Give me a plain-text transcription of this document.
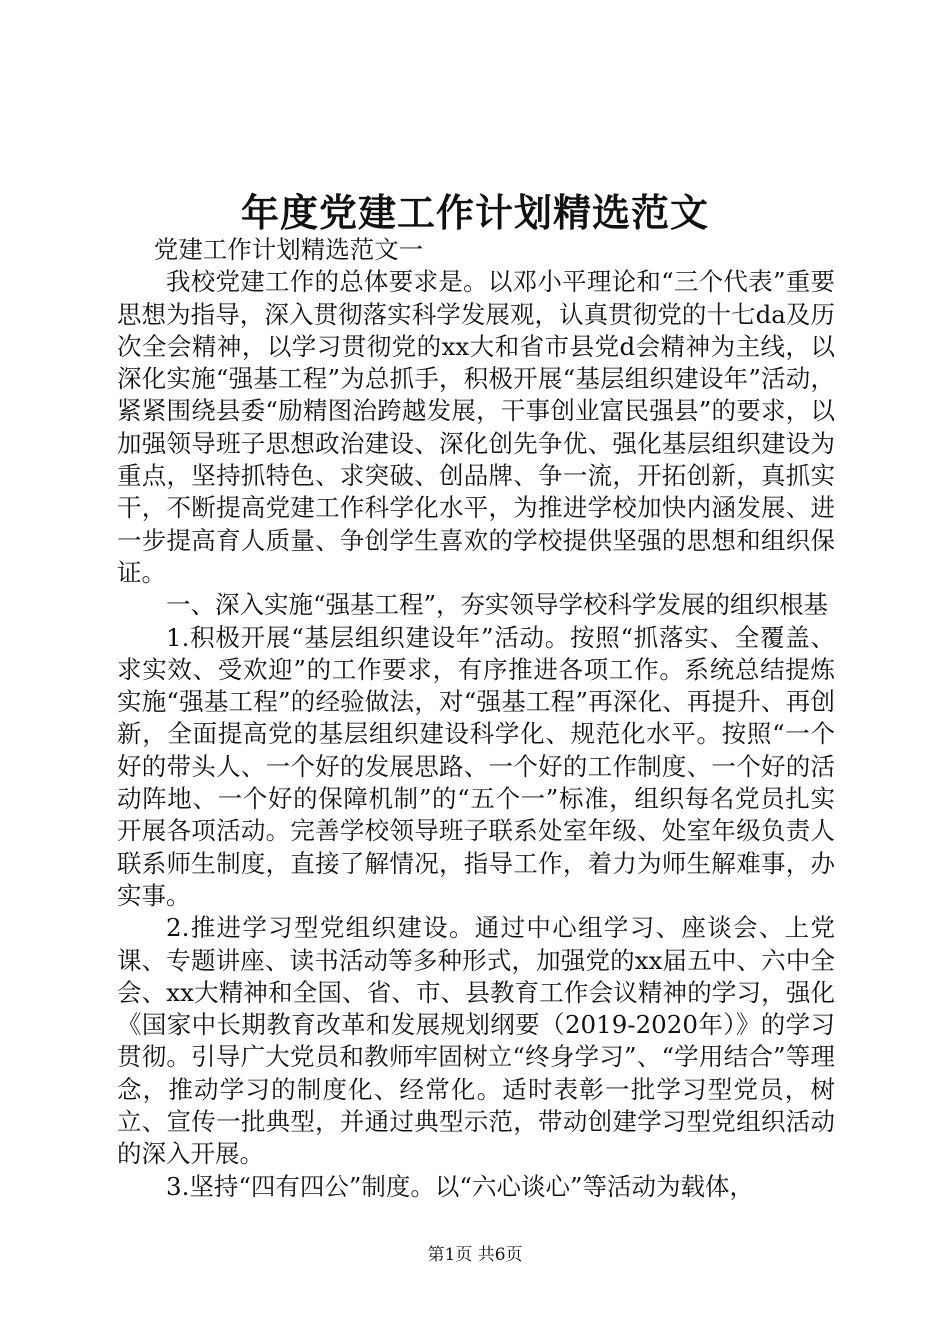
年度党建工作计划精选范文

党建工作计划精选范文一

我校党建工作的总体要求是。以邓小平理论和“三个代表”重要思想为指导，深入贯彻落实科学发展观，认真贯彻党的十七da及历次全会精神，以学习贯彻党的xx大和省市县党d会精神为主线，以深化实施“强基工程”为总抓手，积极开展“基层组织建设年”活动，紧紧围绕县委“励精图治跨越发展，干事创业富民强县”的要求，以加强领导班子思想政治建设、深化创先争优、强化基层组织建设为重点，坚持抓特色、求突破、创品牌、争一流，开拓创新，真抓实干，不断提高党建工作科学化水平，为推进学校加快内涵发展、进一步提高育人质量、争创学生喜欢的学校提供坚强的思想和组织保证。

一、深入实施“强基工程”，夯实领导学校科学发展的组织根基

1.积极开展“基层组织建设年”活动。按照“抓落实、全覆盖、求实效、受欢迎”的工作要求，有序推进各项工作。系统总结提炼实施“强基工程”的经验做法，对“强基工程”再深化、再提升、再创新，全面提高党的基层组织建设科学化、规范化水平。按照“一个好的带头人、一个好的发展思路、一个好的工作制度、一个好的活动阵地、一个好的保障机制”的“五个一”标准，组织每名党员扎实开展各项活动。完善学校领导班子联系处室年级、处室年级负责人联系师生制度，直接了解情况，指导工作，着力为师生解难事，办实事。

2.推进学习型党组织建设。通过中心组学习、座谈会、上党课、专题讲座、读书活动等多种形式，加强党的xx届五中、六中全会、xx大精神和全国、省、市、县教育工作会议精神的学习，强化《国家中长期教育改革和发展规划纲要（2019-2020年）》的学习贯彻。引导广大党员和教师牢固树立“终身学习”、“学用结合”等理念，推动学习的制度化、经常化。适时表彰一批学习型党员，树立、宣传一批典型，并通过典型示范，带动创建学习型党组织活动的深入开展。

3.坚持“四有四公”制度。以“六心谈心”等活动为载体，

第1页 共6页
